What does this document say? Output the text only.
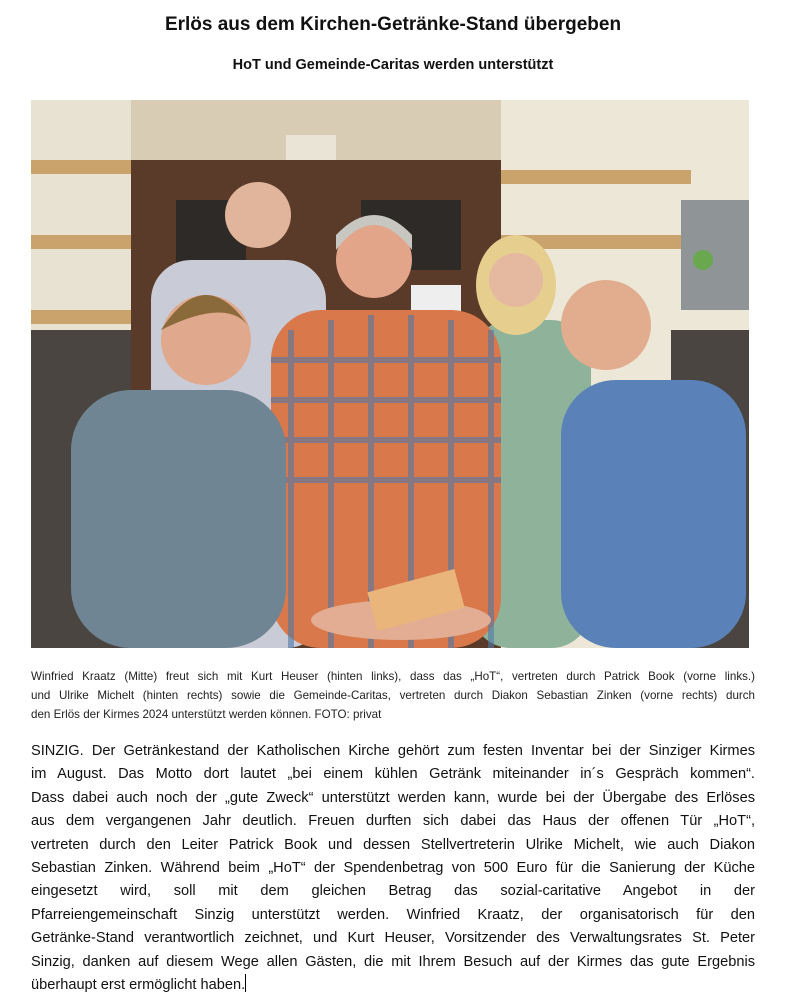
Erlös aus dem Kirchen-Getränke-Stand übergeben
HoT und Gemeinde-Caritas werden unterstützt
Winfried Kraatz (Mitte) freut sich mit Kurt Heuser (hinten links), dass das „HoT“, vertreten durch Patrick Book (vorne links.)
und Ulrike Michelt (hinten rechts) sowie die Gemeinde-Caritas, vertreten durch Diakon Sebastian Zinken (vorne rechts) durch
den Erlös der Kirmes 2024 unterstützt werden können. FOTO: privat
SINZIG. Der Getränkestand der Katholischen Kirche gehört zum festen Inventar bei der Sinziger Kirmes
im August. Das Motto dort lautet „bei einem kühlen Getränk miteinander in´s Gespräch kommen“.
Dass dabei auch noch der „gute Zweck“ unterstützt werden kann, wurde bei der Übergabe des Erlöses
aus dem vergangenen Jahr deutlich. Freuen durften sich dabei das Haus der offenen Tür „HoT“,
vertreten durch den Leiter Patrick Book und dessen Stellvertreterin Ulrike Michelt, wie auch Diakon
Sebastian Zinken. Während beim „HoT“ der Spendenbetrag von 500 Euro für die Sanierung der Küche
eingesetzt wird, soll mit dem gleichen Betrag das sozial-caritative Angebot in der
Pfarreiengemeinschaft Sinzig unterstützt werden. Winfried Kraatz, der organisatorisch für den
Getränke-Stand verantwortlich zeichnet, und Kurt Heuser, Vorsitzender des Verwaltungsrates St. Peter
Sinzig, danken auf diesem Wege allen Gästen, die mit Ihrem Besuch auf der Kirmes das gute Ergebnis
überhaupt erst ermöglicht haben.
